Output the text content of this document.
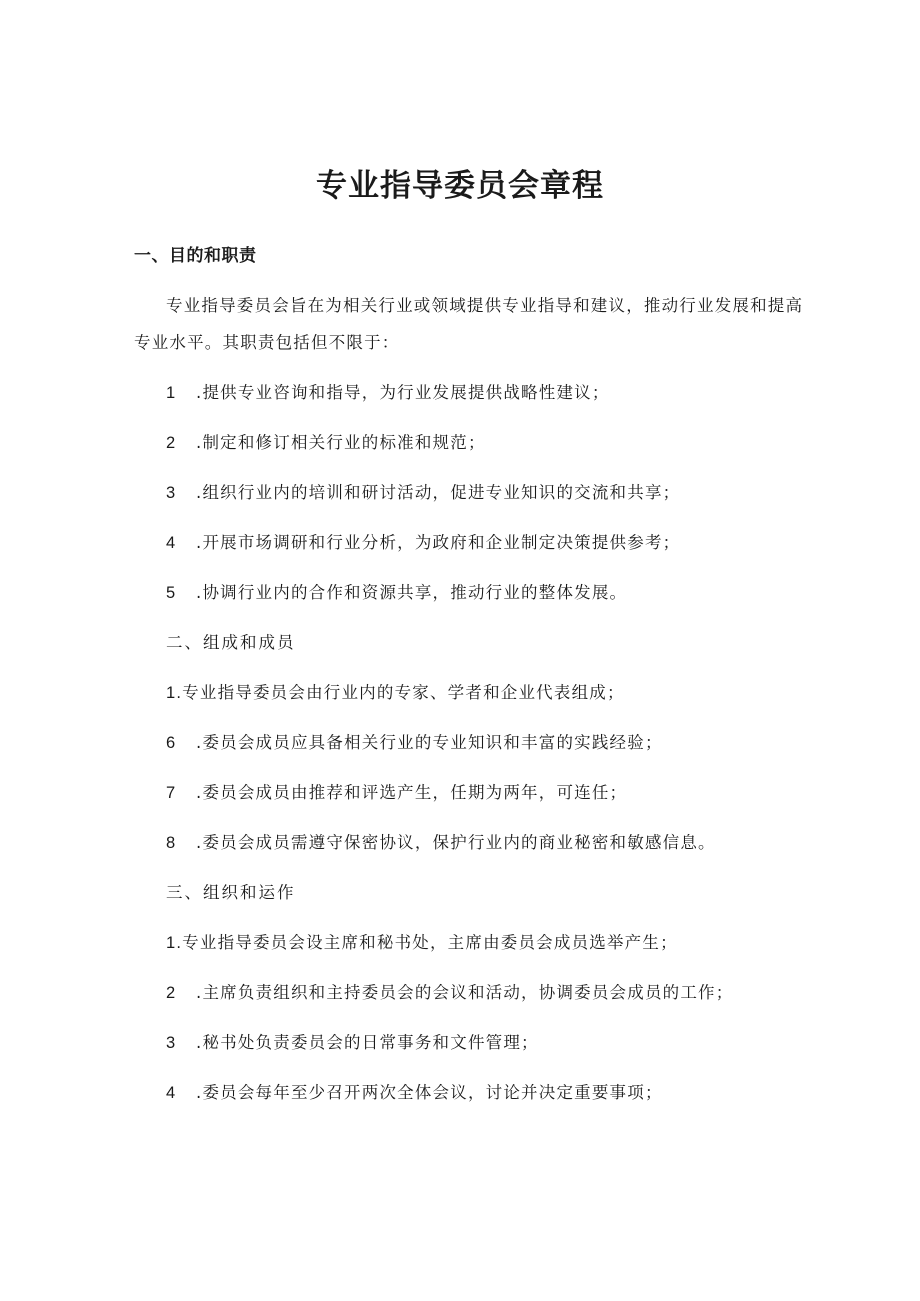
专业指导委员会章程
一、目的和职责
专业指导委员会旨在为相关行业或领域提供专业指导和建议，推动行业发展和提高
专业水平。其职责包括但不限于：
1 .提供专业咨询和指导，为行业发展提供战略性建议；
2 .制定和修订相关行业的标准和规范；
3 .组织行业内的培训和研讨活动，促进专业知识的交流和共享；
4 .开展市场调研和行业分析，为政府和企业制定决策提供参考；
5 .协调行业内的合作和资源共享，推动行业的整体发展。
二、组成和成员
1.专业指导委员会由行业内的专家、学者和企业代表组成；
6 .委员会成员应具备相关行业的专业知识和丰富的实践经验；
7 .委员会成员由推荐和评选产生，任期为两年，可连任；
8 .委员会成员需遵守保密协议，保护行业内的商业秘密和敏感信息。
三、组织和运作
1.专业指导委员会设主席和秘书处，主席由委员会成员选举产生；
2 .主席负责组织和主持委员会的会议和活动，协调委员会成员的工作；
3 .秘书处负责委员会的日常事务和文件管理；
4 .委员会每年至少召开两次全体会议，讨论并决定重要事项；
